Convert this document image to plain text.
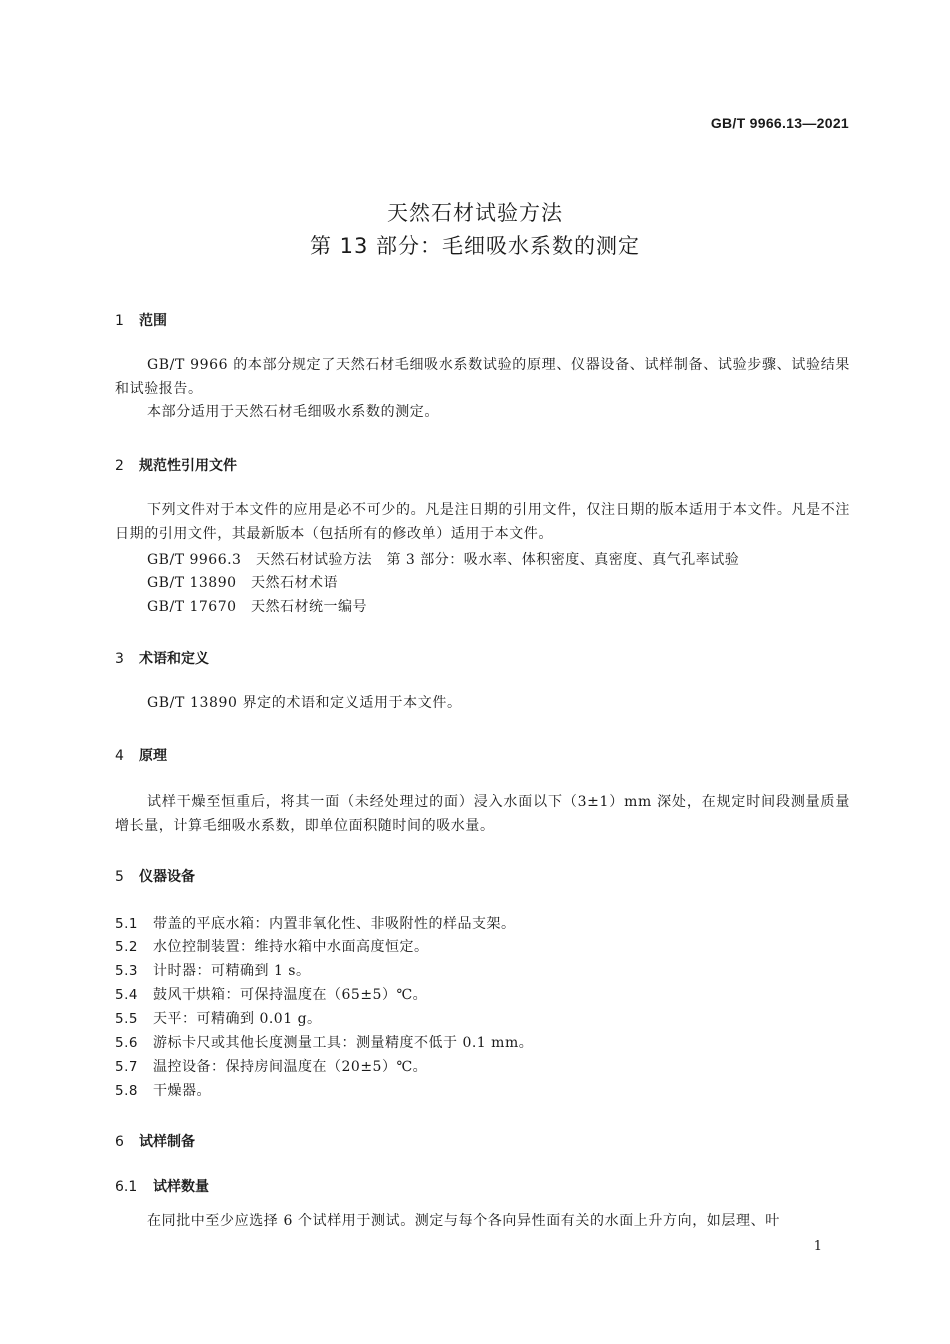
GB/T 9966.13—2021
天然石材试验方法
第 13 部分：毛细吸水系数的测定
1 范围
GB/T 9966 的本部分规定了天然石材毛细吸水系数试验的原理、仪器设备、试样制备、试验步骤、试验结果和试验报告。
本部分适用于天然石材毛细吸水系数的测定。
2 规范性引用文件
下列文件对于本文件的应用是必不可少的。凡是注日期的引用文件，仅注日期的版本适用于本文件。凡是不注日期的引用文件，其最新版本（包括所有的修改单）适用于本文件。
GB/T 9966.3　天然石材试验方法　第 3 部分：吸水率、体积密度、真密度、真气孔率试验
GB/T 13890　天然石材术语
GB/T 17670　天然石材统一编号
3 术语和定义
GB/T 13890 界定的术语和定义适用于本文件。
4 原理
试样干燥至恒重后，将其一面（未经处理过的面）浸入水面以下（3±1）mm 深处，在规定时间段测量质量增长量，计算毛细吸水系数，即单位面积随时间的吸水量。
5 仪器设备
5.1 带盖的平底水箱：内置非氧化性、非吸附性的样品支架。
5.2 水位控制装置：维持水箱中水面高度恒定。
5.3 计时器：可精确到 1 s。
5.4 鼓风干烘箱：可保持温度在（65±5）℃。
5.5 天平：可精确到 0.01 g。
5.6 游标卡尺或其他长度测量工具：测量精度不低于 0.1 mm。
5.7 温控设备：保持房间温度在（20±5）℃。
5.8 干燥器。
6 试样制备
6.1 试样数量
在同批中至少应选择 6 个试样用于测试。测定与每个各向异性面有关的水面上升方向，如层理、叶
1
